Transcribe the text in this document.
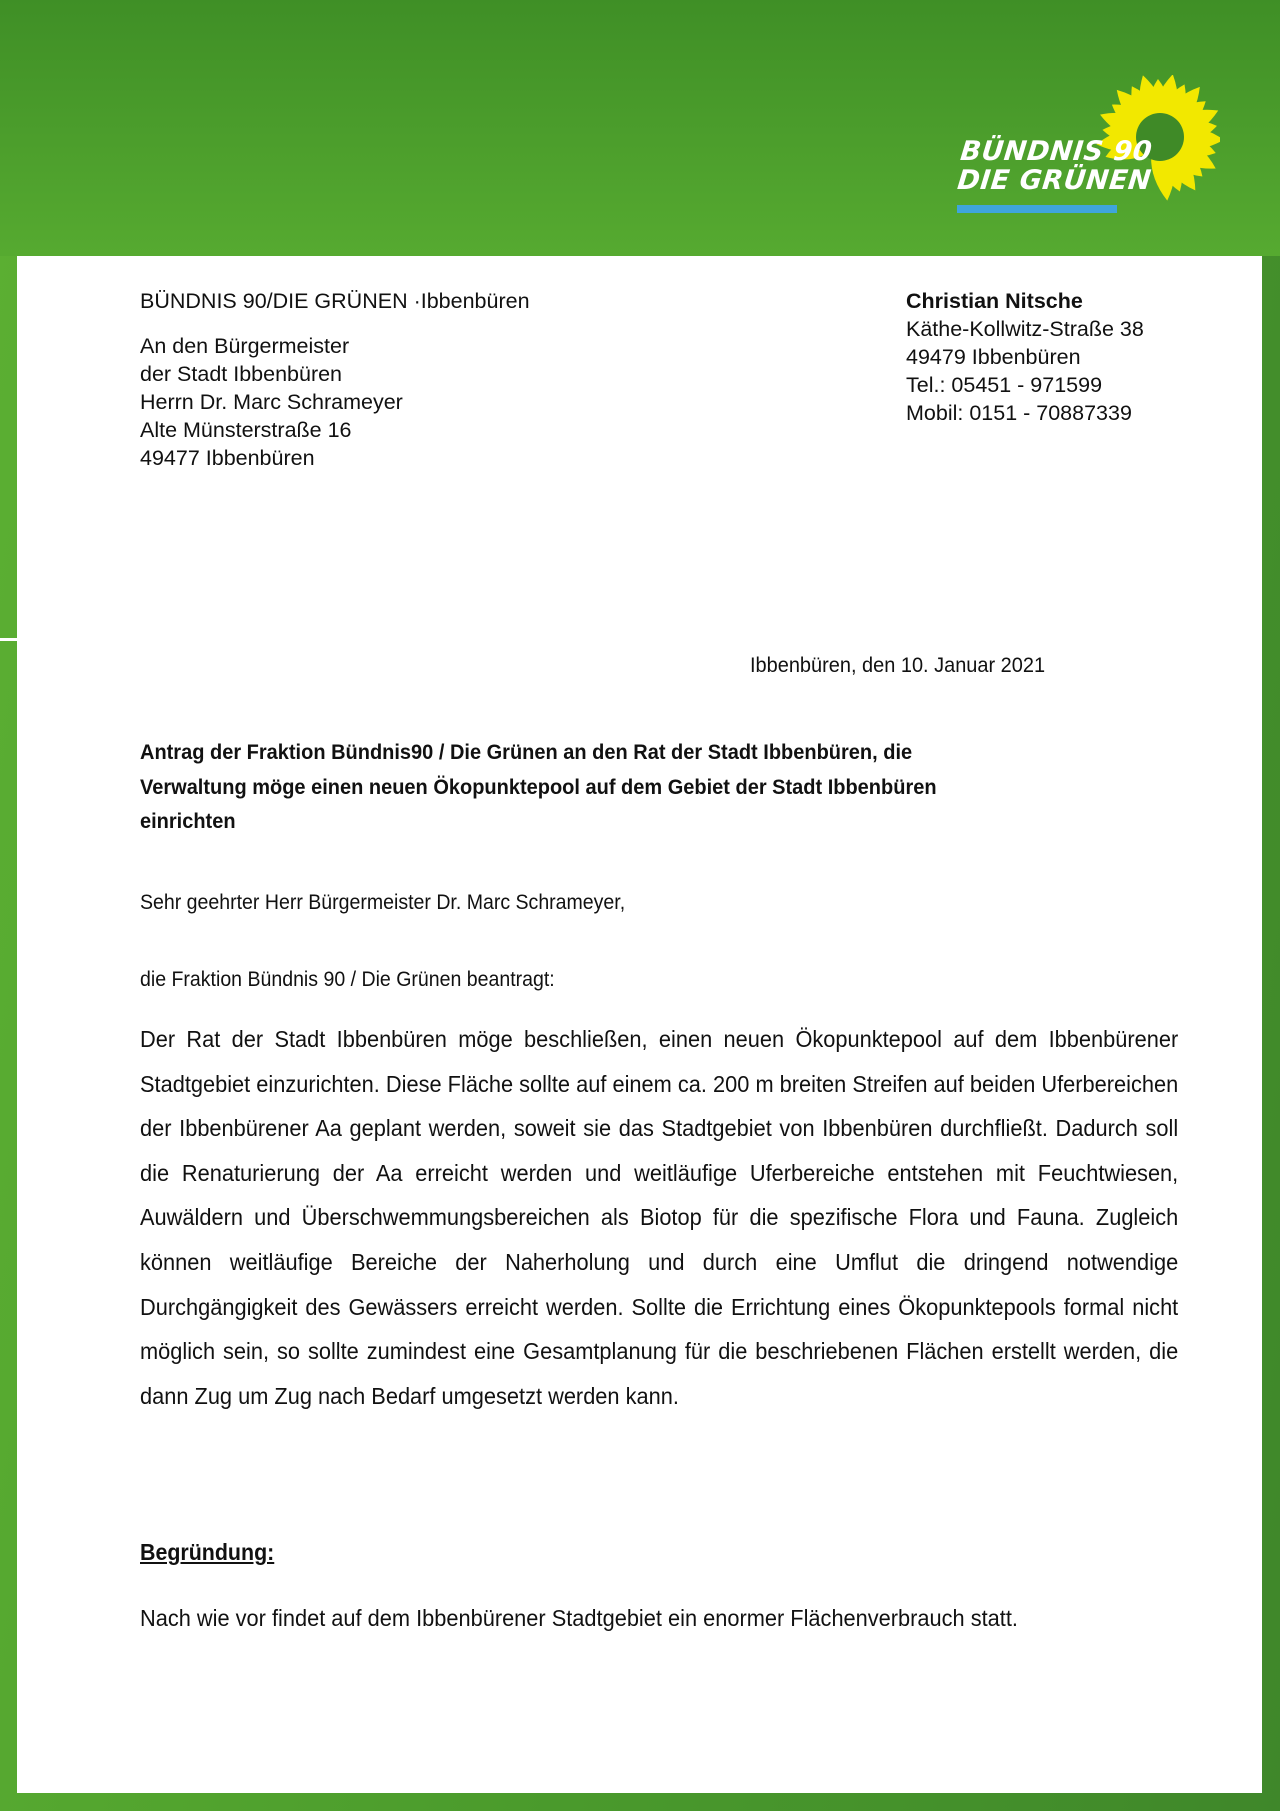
BÜNDNIS 90
DIE GRÜNEN
BÜNDNIS 90/DIE GRÜNEN ·Ibbenbüren
An den Bürgermeister
der Stadt Ibbenbüren
Herrn Dr. Marc Schrameyer
Alte Münsterstraße 16
49477 Ibbenbüren
Christian Nitsche
Käthe-Kollwitz-Straße 38
49479 Ibbenbüren
Tel.: 05451 - 971599
Mobil: 0151 - 70887339
Ibbenbüren, den 10. Januar 2021
Antrag der Fraktion Bündnis90 / Die Grünen an den Rat der Stadt Ibbenbüren, die
Verwaltung möge einen neuen Ökopunktepool auf dem Gebiet der Stadt Ibbenbüren
einrichten
Sehr geehrter Herr Bürgermeister Dr. Marc Schrameyer,
die Fraktion Bündnis 90 / Die Grünen beantragt:
Der Rat der Stadt Ibbenbüren möge beschließen, einen neuen Ökopunktepool auf dem Ibbenbürener Stadtgebiet einzurichten. Diese Fläche sollte auf einem ca. 200 m breiten Streifen auf beiden Uferbereichen der Ibbenbürener Aa geplant werden, soweit sie das Stadtgebiet von Ibbenbüren durchfließt. Dadurch soll die Renaturierung der Aa erreicht werden und weitläufige Uferbereiche entstehen mit Feuchtwiesen, Auwäldern und Überschwemmungsbereichen als Biotop für die spezifische Flora und Fauna. Zugleich können weitläufige Bereiche der Naherholung und durch eine Umflut die dringend notwendige Durchgängigkeit des Gewässers erreicht werden. Sollte die Errichtung eines Ökopunktepools formal nicht möglich sein, so sollte zumindest eine Gesamtplanung für die beschriebenen Flächen erstellt werden, die dann Zug um Zug nach Bedarf umgesetzt werden kann.
Begründung:
Nach wie vor findet auf dem Ibbenbürener Stadtgebiet ein enormer Flächenverbrauch statt.
